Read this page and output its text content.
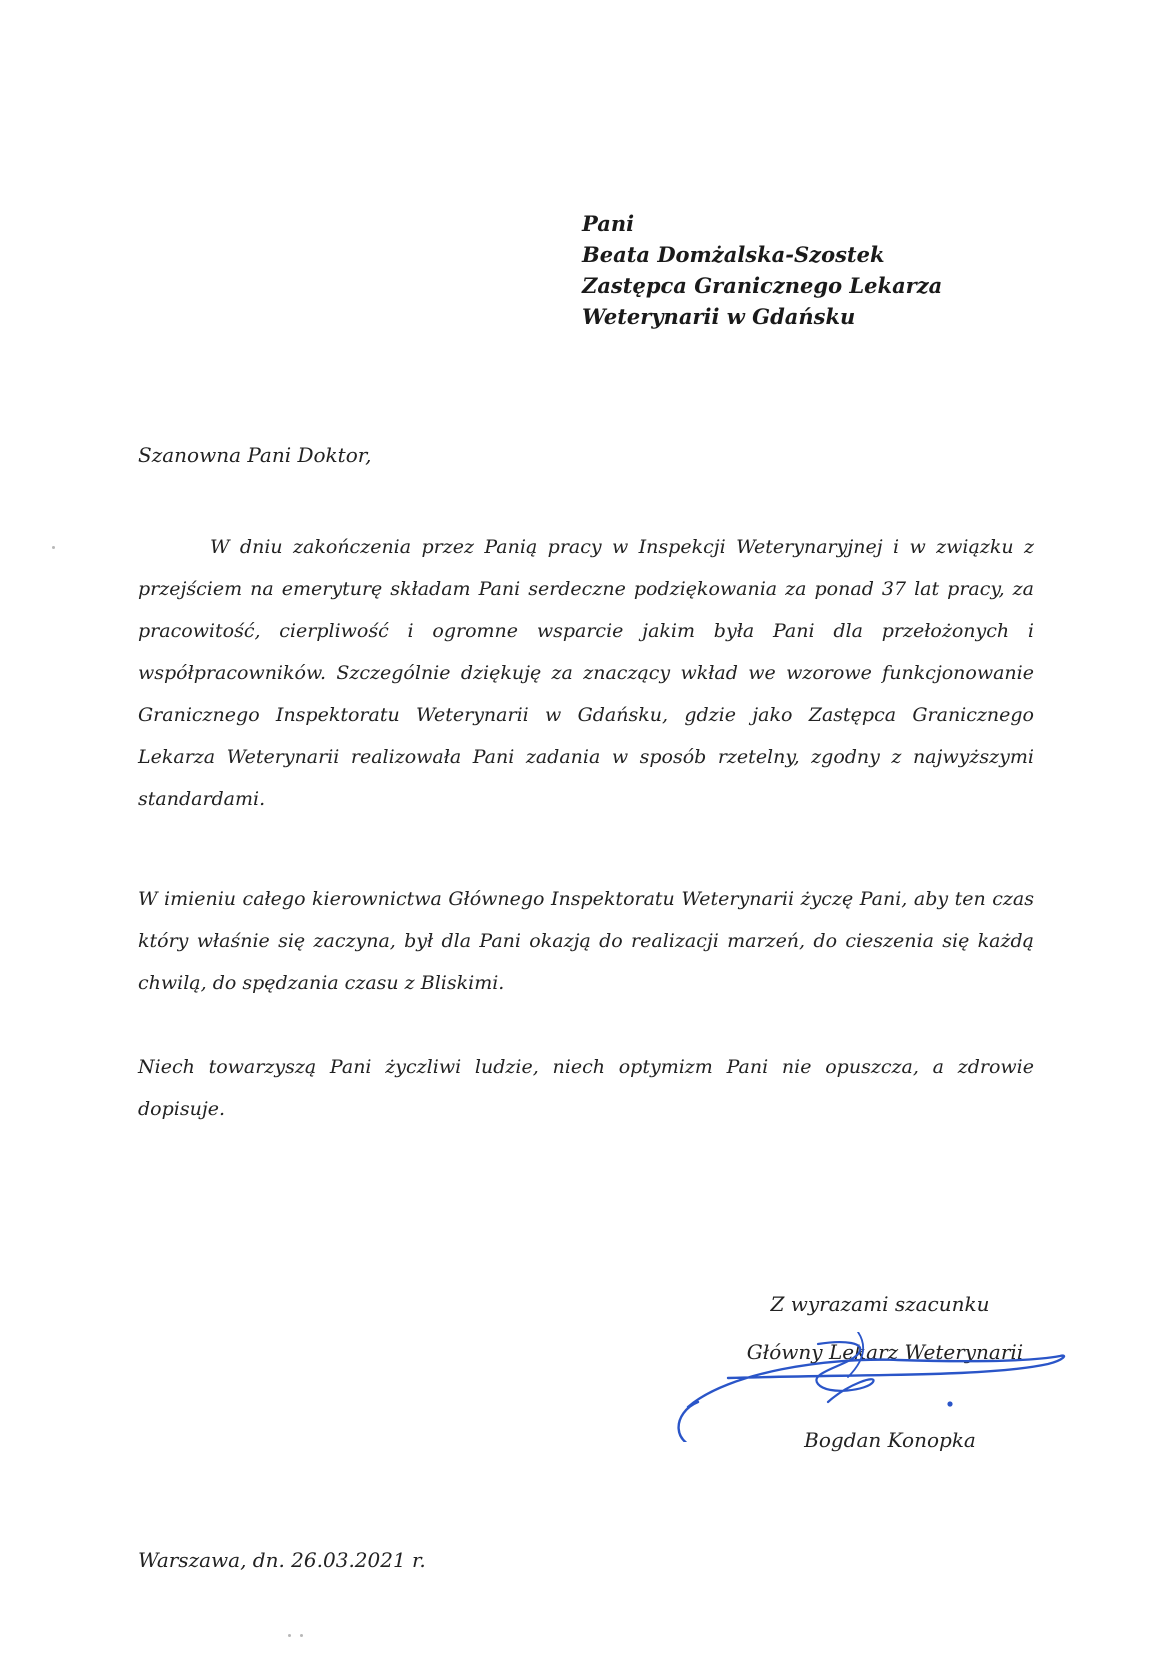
Pani
Beata Domżalska-Szostek
Zastępca Granicznego Lekarza
Weterynarii w Gdańsku
Szanowna Pani Doktor,
W dniu zakończenia przez Panią pracy w Inspekcji Weterynaryjnej i w związku z przejściem na emeryturę składam Pani serdeczne podziękowania za ponad 37 lat pracy, za pracowitość, cierpliwość i ogromne wsparcie jakim była Pani dla przełożonych i współpracowników. Szczególnie dziękuję za znaczący wkład we wzorowe funkcjonowanie Granicznego Inspektoratu Weterynarii w Gdańsku, gdzie jako Zastępca Granicznego Lekarza Weterynarii realizowała Pani zadania w sposób rzetelny, zgodny z najwyższymi standardami.
W imieniu całego kierownictwa Głównego Inspektoratu Weterynarii życzę Pani, aby ten czas który właśnie się zaczyna, był dla Pani okazją do realizacji marzeń, do cieszenia się każdą chwilą, do spędzania czasu z Bliskimi.
Niech towarzyszą Pani życzliwi ludzie, niech optymizm Pani nie opuszcza, a zdrowie dopisuje.
Z wyrazami szacunku
Główny Lekarz Weterynarii
Bogdan Konopka
Warszawa, dn. 26.03.2021 r.
